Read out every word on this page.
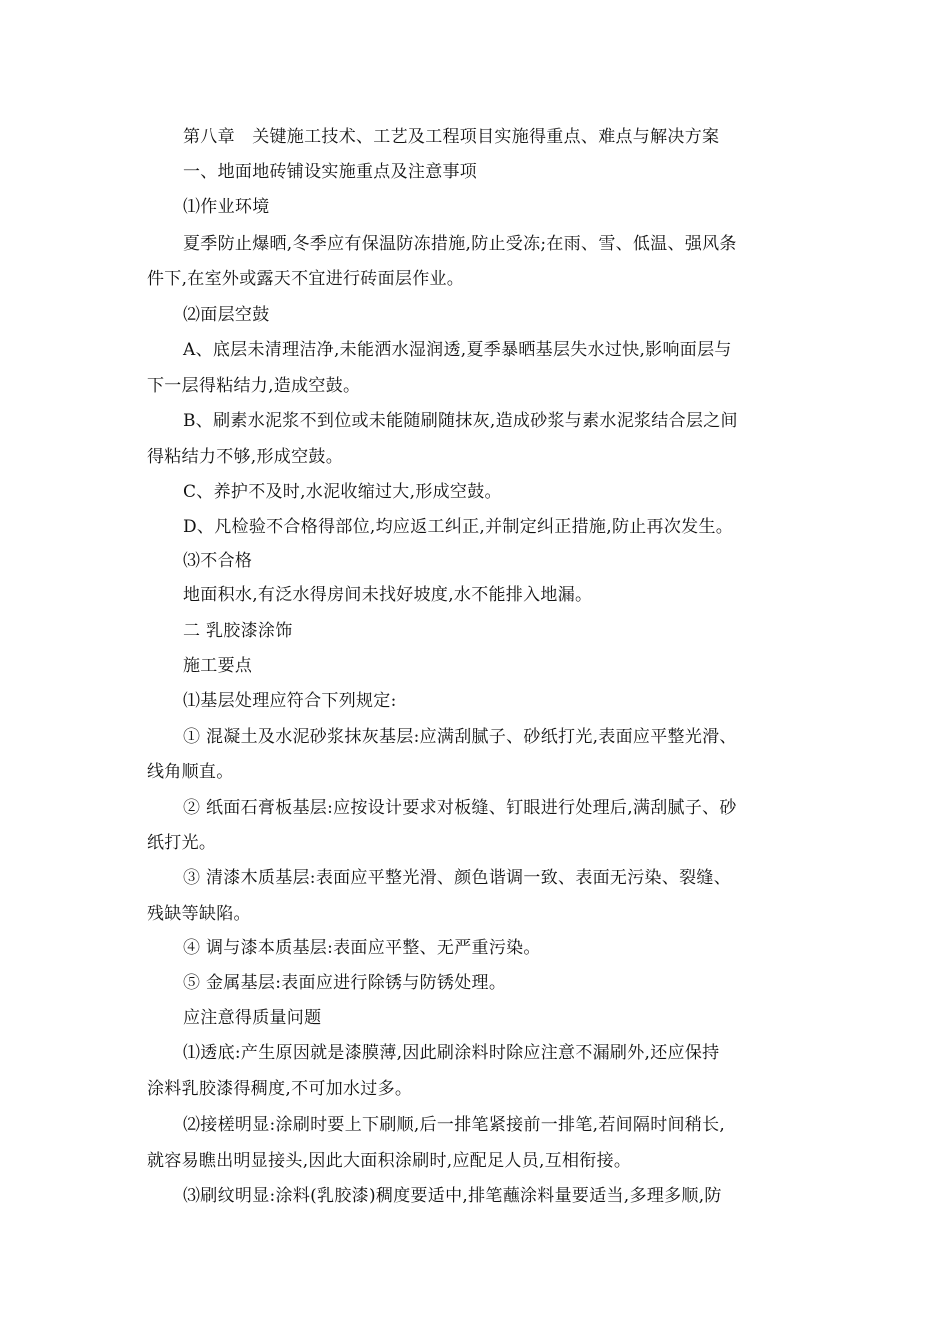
第八章　关键施工技术、工艺及工程项目实施得重点、难点与解决方案
一、地面地砖铺设实施重点及注意事项
⑴作业环境
夏季防止爆晒,冬季应有保温防冻措施,防止受冻;在雨、雪、低温、强风条
件下,在室外或露天不宜进行砖面层作业。
⑵面层空鼓
A、底层未清理洁净,未能洒水湿润透,夏季暴晒基层失水过快,影响面层与
下一层得粘结力,造成空鼓。
B、刷素水泥浆不到位或未能随刷随抹灰,造成砂浆与素水泥浆结合层之间
得粘结力不够,形成空鼓。
C、养护不及时,水泥收缩过大,形成空鼓。
D、凡检验不合格得部位,均应返工纠正,并制定纠正措施,防止再次发生。
⑶不合格
地面积水,有泛水得房间未找好坡度,水不能排入地漏。
二 乳胶漆涂饰
施工要点
⑴基层处理应符合下列规定:
① 混凝土及水泥砂浆抹灰基层:应满刮腻子、砂纸打光,表面应平整光滑、
线角顺直。
② 纸面石膏板基层:应按设计要求对板缝、钉眼进行处理后,满刮腻子、砂
纸打光。
③ 清漆木质基层:表面应平整光滑、颜色谐调一致、表面无污染、裂缝、
残缺等缺陷。
④ 调与漆本质基层:表面应平整、无严重污染。
⑤ 金属基层:表面应进行除锈与防锈处理。
应注意得质量问题
⑴透底:产生原因就是漆膜薄,因此刷涂料时除应注意不漏刷外,还应保持
涂料乳胶漆得稠度,不可加水过多。
⑵接槎明显:涂刷时要上下刷顺,后一排笔紧接前一排笔,若间隔时间稍长,
就容易瞧出明显接头,因此大面积涂刷时,应配足人员,互相衔接。
⑶刷纹明显:涂料(乳胶漆)稠度要适中,排笔蘸涂料量要适当,多理多顺,防
